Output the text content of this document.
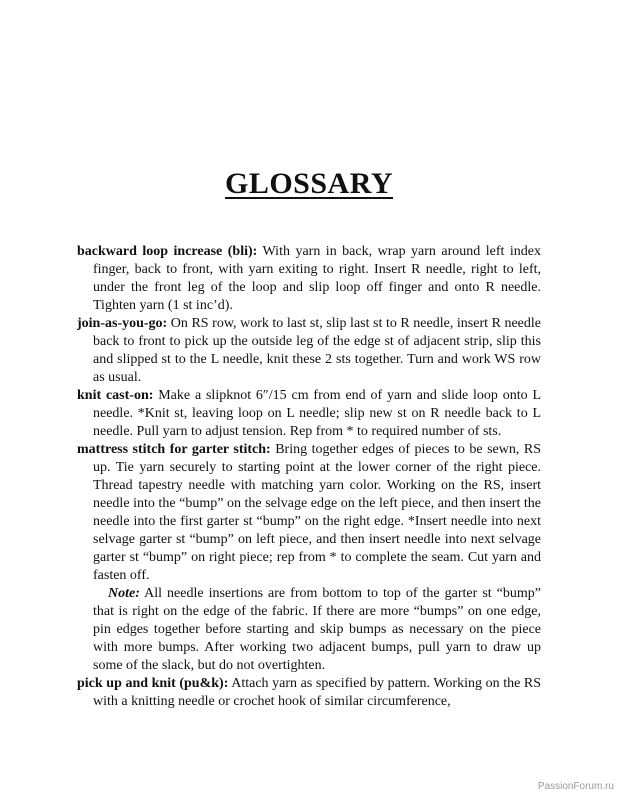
GLOSSARY

backward loop increase (bli): With yarn in back, wrap yarn around left index finger, back to front, with yarn exiting to right. Insert R needle, right to left, under the front leg of the loop and slip loop off finger and onto R needle. Tighten yarn (1 st inc’d).

join-as-you-go: On RS row, work to last st, slip last st to R needle, insert R needle back to front to pick up the outside leg of the edge st of adjacent strip, slip this and slipped st to the L needle, knit these 2 sts together. Turn and work WS row as usual.

knit cast-on: Make a slipknot 6″/15 cm from end of yarn and slide loop onto L needle. *Knit st, leaving loop on L needle; slip new st on R needle back to L needle. Pull yarn to adjust tension. Rep from * to required number of sts.

mattress stitch for garter stitch: Bring together edges of pieces to be sewn, RS up. Tie yarn securely to starting point at the lower corner of the right piece. Thread tapestry needle with matching yarn color. Working on the RS, insert needle into the “bump” on the selvage edge on the left piece, and then insert the needle into the first garter st “bump” on the right edge. *Insert needle into next selvage garter st “bump” on left piece, and then insert needle into next selvage garter st “bump” on right piece; rep from * to complete the seam. Cut yarn and fasten off.

Note: All needle insertions are from bottom to top of the garter st “bump” that is right on the edge of the fabric. If there are more “bumps” on one edge, pin edges together before starting and skip bumps as necessary on the piece with more bumps. After working two adjacent bumps, pull yarn to draw up some of the slack, but do not overtighten.

pick up and knit (pu&k): Attach yarn as specified by pattern. Working on the RS with a knitting needle or crochet hook of similar circumference,

PassionForum.ru
